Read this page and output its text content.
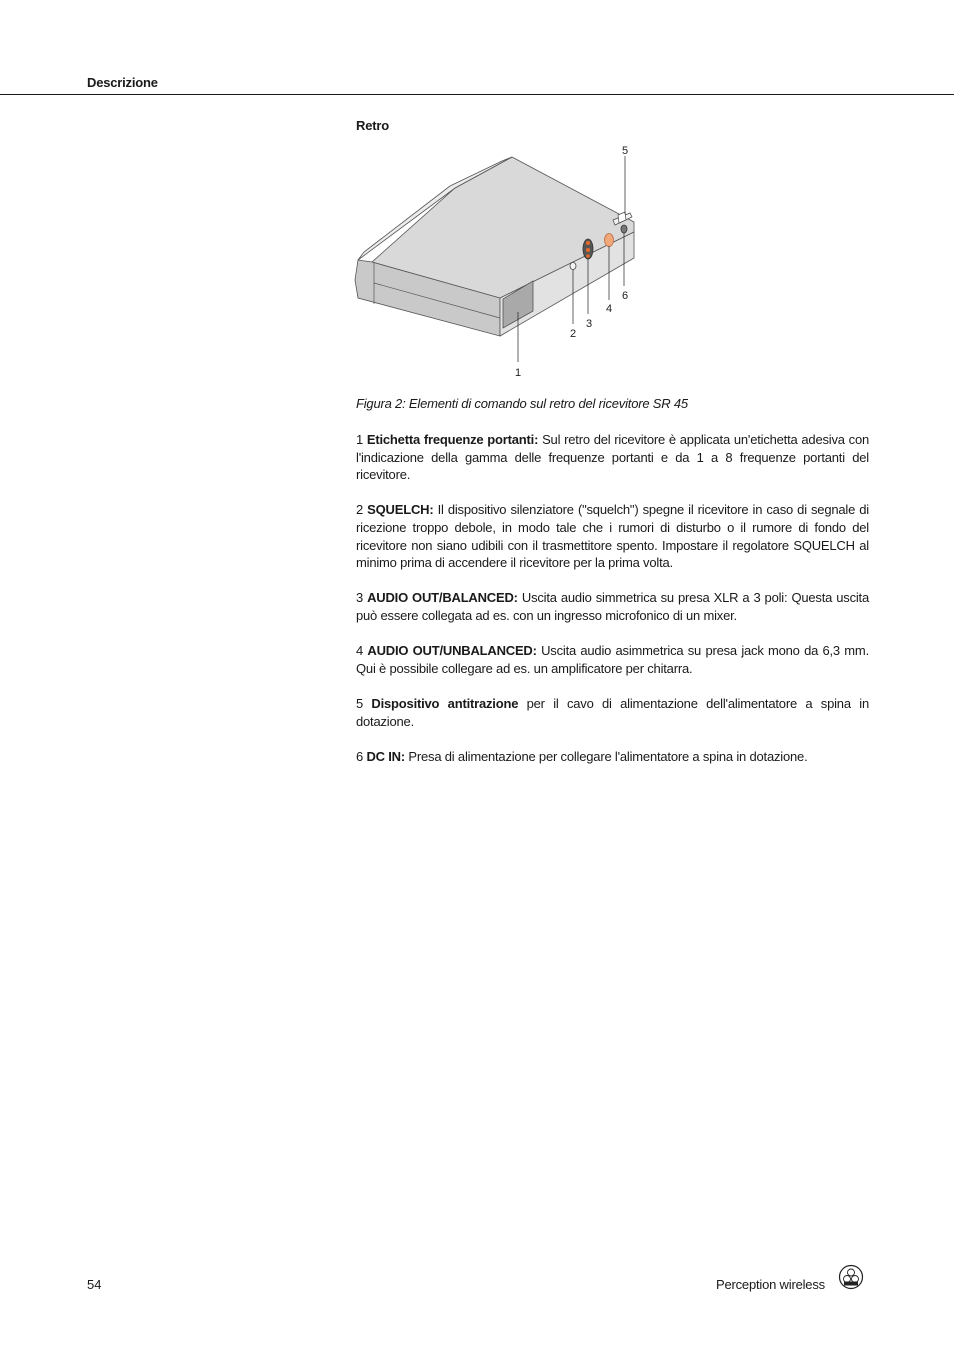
Descrizione
Retro
1
2
3
4
5
6
Figura 2: Elementi di comando sul retro del ricevitore SR 45

1 Etichetta frequenze portanti: Sul retro del ricevitore è applicata un'etichetta adesiva con l'indicazione della gamma delle frequenze portanti e da 1 a 8 frequenze portanti del ricevitore.

2 SQUELCH: Il dispositivo silenziatore ("squelch") spegne il ricevitore in caso di segnale di ricezione troppo debole, in modo tale che i rumori di disturbo o il rumore di fondo del ricevitore non siano udibili con il trasmettitore spento. Impostare il regolatore SQUELCH al minimo prima di accendere il ricevitore per la prima volta.

3 AUDIO OUT/BALANCED: Uscita audio simmetrica su presa XLR a 3 poli: Questa uscita può essere collegata ad es. con un ingresso microfonico di un mixer.

4 AUDIO OUT/UNBALANCED: Uscita audio asimmetrica su presa jack mono da 6,3 mm. Qui è possibile collegare ad es. un amplificatore per chitarra.

5 Dispositivo antitrazione per il cavo di alimentazione dell'alimentatore a spina in dotazione.

6 DC IN: Presa di alimentazione per collegare l'alimentatore a spina in dotazione.

54	Perception wireless
